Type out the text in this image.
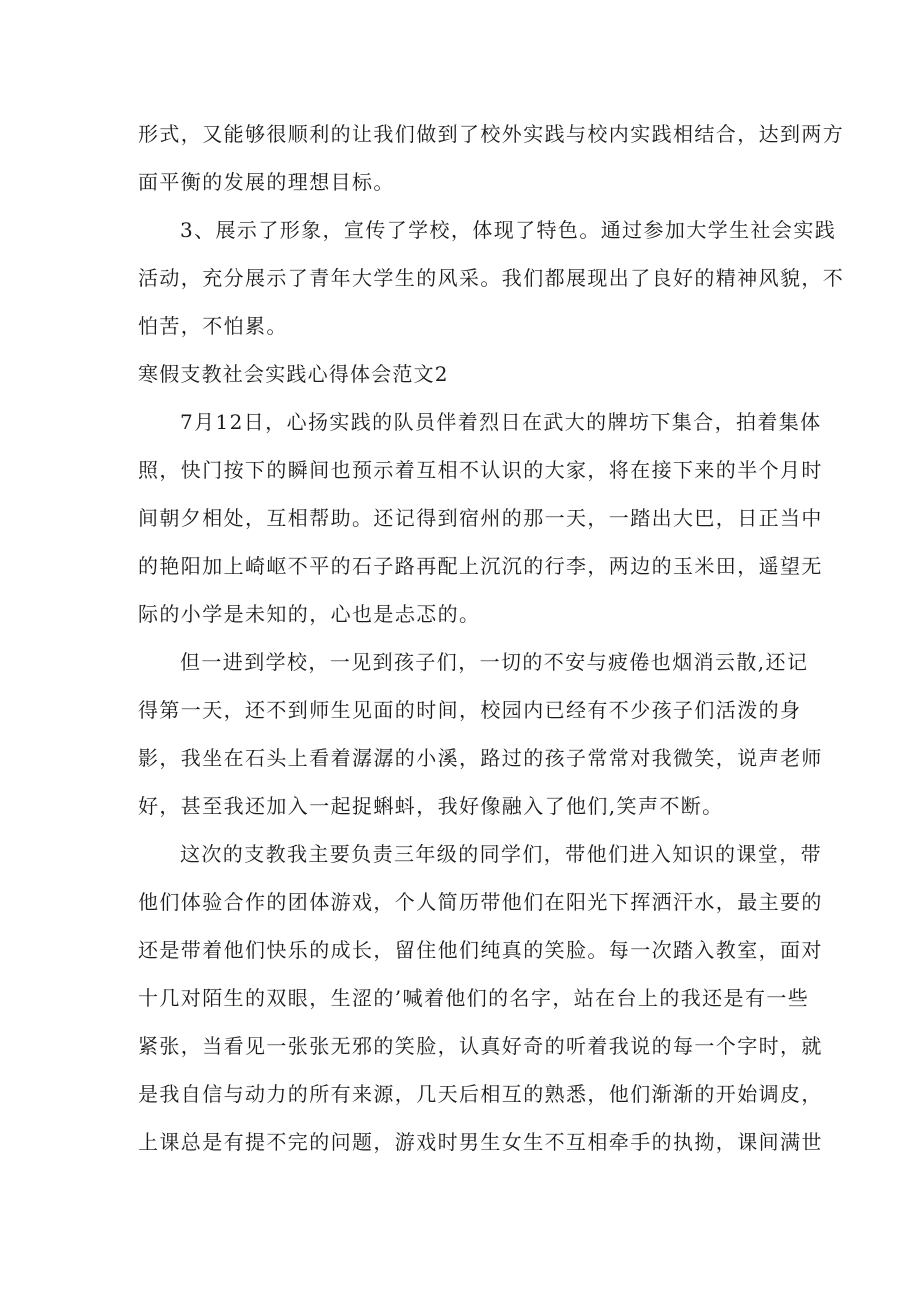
形式，又能够很顺利的让我们做到了校外实践与校内实践相结合，达到两方
面平衡的发展的理想目标。
3、展示了形象，宣传了学校，体现了特色。通过参加大学生社会实践
活动，充分展示了青年大学生的风采。我们都展现出了良好的精神风貌，不
怕苦，不怕累。
寒假支教社会实践心得体会范文2
7月12日，心扬实践的队员伴着烈日在武大的牌坊下集合，拍着集体
照，快门按下的瞬间也预示着互相不认识的大家，将在接下来的半个月时
间朝夕相处，互相帮助。还记得到宿州的那一天，一踏出大巴，日正当中
的艳阳加上崎岖不平的石子路再配上沉沉的行李，两边的玉米田，遥望无
际的小学是未知的，心也是忐忑的。
但一进到学校，一见到孩子们，一切的不安与疲倦也烟消云散,还记
得第一天，还不到师生见面的时间，校园内已经有不少孩子们活泼的身
影，我坐在石头上看着潺潺的小溪，路过的孩子常常对我微笑，说声老师
好，甚至我还加入一起捉蝌蚪，我好像融入了他们,笑声不断。
这次的支教我主要负责三年级的同学们，带他们进入知识的课堂，带
他们体验合作的团体游戏，个人简历带他们在阳光下挥洒汗水，最主要的
还是带着他们快乐的成长，留住他们纯真的笑脸。每一次踏入教室，面对
十几对陌生的双眼，生涩的’喊着他们的名字，站在台上的我还是有一些
紧张，当看见一张张无邪的笑脸，认真好奇的听着我说的每一个字时，就
是我自信与动力的所有来源，几天后相互的熟悉，他们渐渐的开始调皮，
上课总是有提不完的问题，游戏时男生女生不互相牵手的执拗，课间满世
